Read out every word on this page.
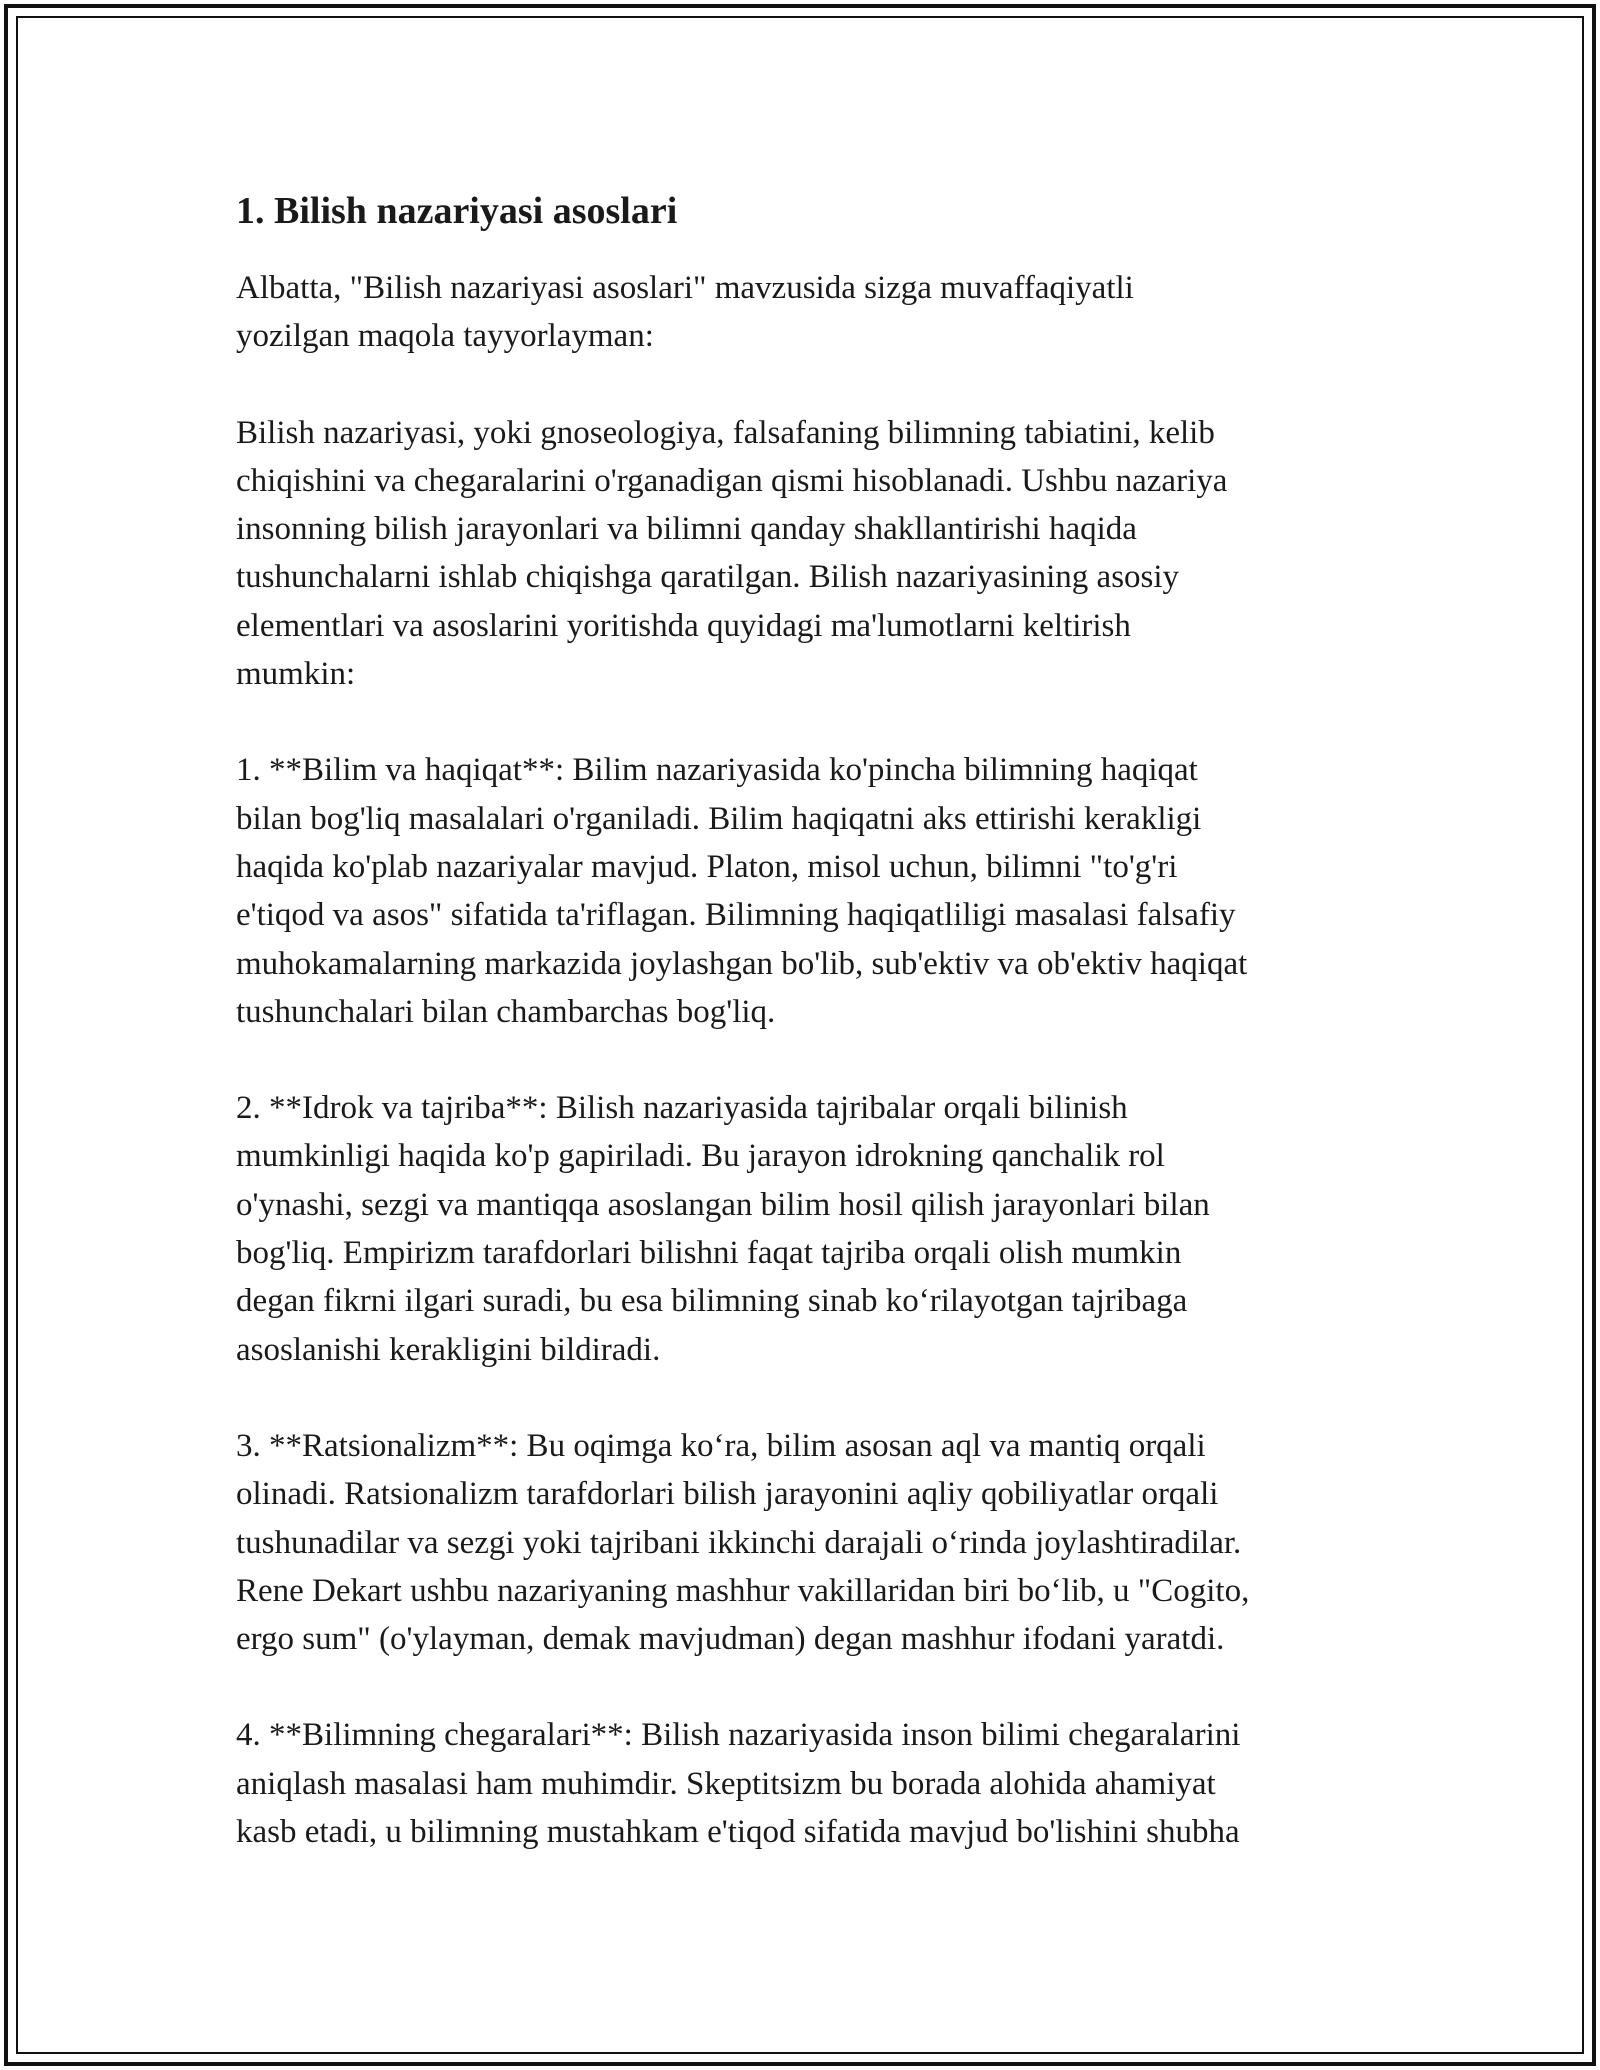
1. Bilish nazariyasi asoslari

Albatta, "Bilish nazariyasi asoslari" mavzusida sizga muvaffaqiyatli
yozilgan maqola tayyorlayman:

Bilish nazariyasi, yoki gnoseologiya, falsafaning bilimning tabiatini, kelib
chiqishini va chegaralarini o'rganadigan qismi hisoblanadi. Ushbu nazariya
insonning bilish jarayonlari va bilimni qanday shakllantirishi haqida
tushunchalarni ishlab chiqishga qaratilgan. Bilish nazariyasining asosiy
elementlari va asoslarini yoritishda quyidagi ma'lumotlarni keltirish
mumkin:

1. **Bilim va haqiqat**: Bilim nazariyasida ko'pincha bilimning haqiqat
bilan bog'liq masalalari o'rganiladi. Bilim haqiqatni aks ettirishi kerakligi
haqida ko'plab nazariyalar mavjud. Platon, misol uchun, bilimni "to'g'ri
e'tiqod va asos" sifatida ta'riflagan. Bilimning haqiqatliligi masalasi falsafiy
muhokamalarning markazida joylashgan bo'lib, sub'ektiv va ob'ektiv haqiqat
tushunchalari bilan chambarchas bog'liq.

2. **Idrok va tajriba**: Bilish nazariyasida tajribalar orqali bilinish
mumkinligi haqida ko'p gapiriladi. Bu jarayon idrokning qanchalik rol
o'ynashi, sezgi va mantiqqa asoslangan bilim hosil qilish jarayonlari bilan
bog'liq. Empirizm tarafdorlari bilishni faqat tajriba orqali olish mumkin
degan fikrni ilgari suradi, bu esa bilimning sinab ko‘rilayotgan tajribaga
asoslanishi kerakligini bildiradi.

3. **Ratsionalizm**: Bu oqimga ko‘ra, bilim asosan aql va mantiq orqali
olinadi. Ratsionalizm tarafdorlari bilish jarayonini aqliy qobiliyatlar orqali
tushunadilar va sezgi yoki tajribani ikkinchi darajali o‘rinda joylashtiradilar.
Rene Dekart ushbu nazariyaning mashhur vakillaridan biri bo‘lib, u "Cogito,
ergo sum" (o'ylayman, demak mavjudman) degan mashhur ifodani yaratdi.

4. **Bilimning chegaralari**: Bilish nazariyasida inson bilimi chegaralarini
aniqlash masalasi ham muhimdir. Skeptitsizm bu borada alohida ahamiyat
kasb etadi, u bilimning mustahkam e'tiqod sifatida mavjud bo'lishini shubha
